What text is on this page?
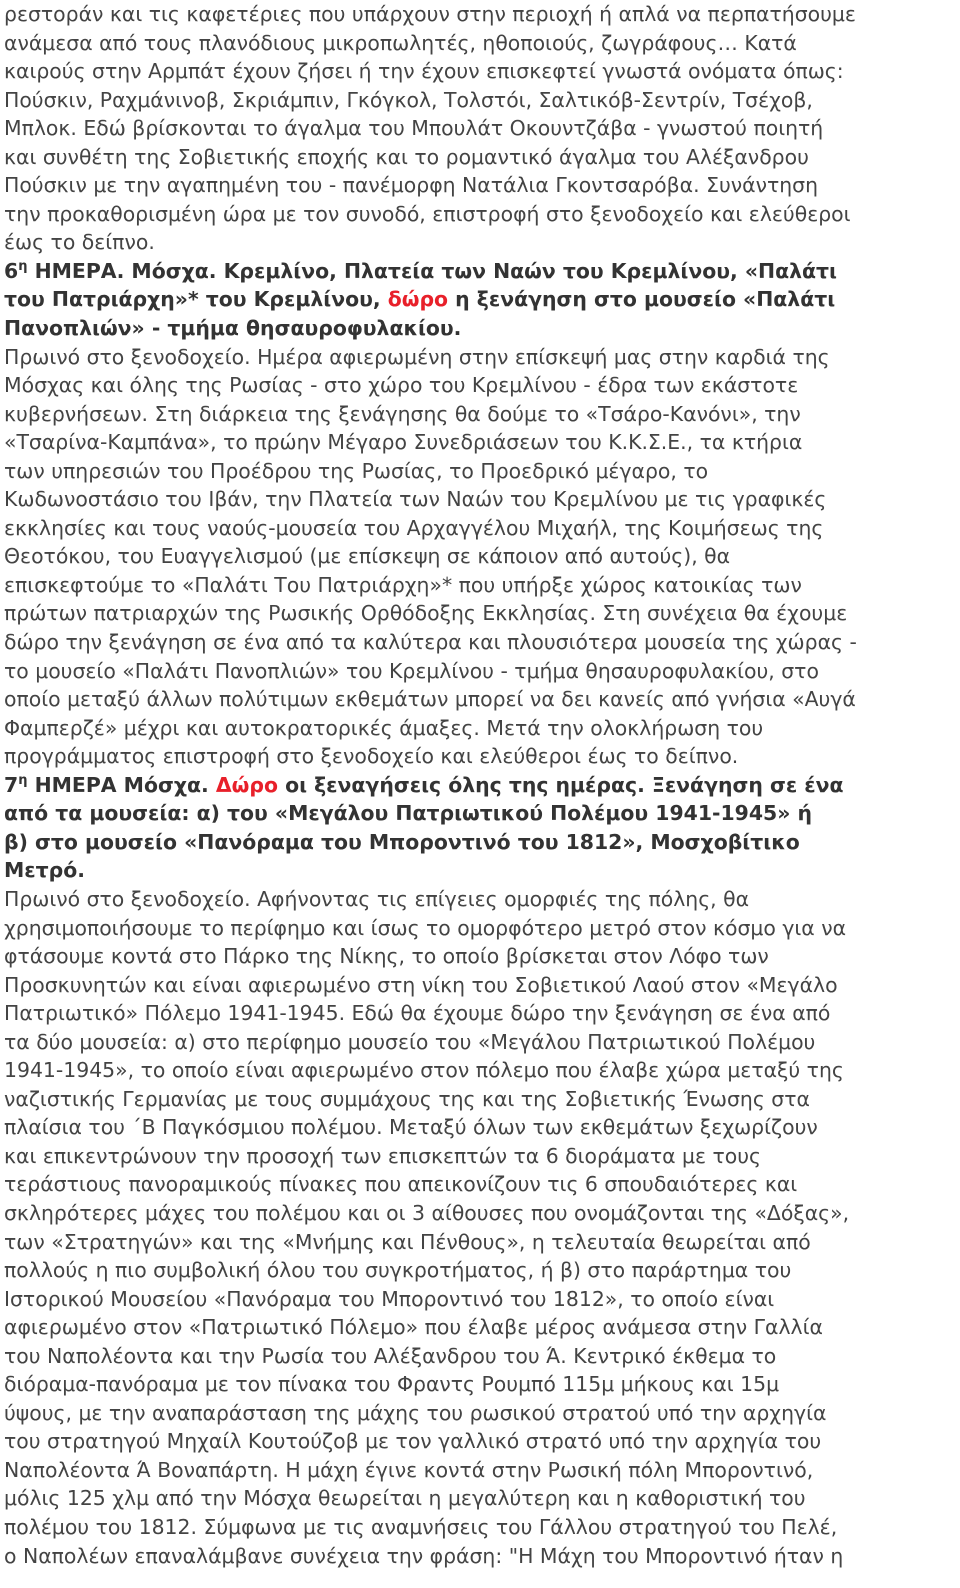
ρεστοράν και τις καφετέριες που υπάρχουν στην περιοχή ή απλά να περπατήσουμε

ανάμεσα από τους πλανόδιους μικροπωλητές, ηθοποιούς, ζωγράφους… Κατά

καιρούς στην Αρμπάτ έχουν ζήσει ή την έχουν επισκεφτεί γνωστά ονόματα όπως:

Πούσκιν, Ραχμάνινοβ, Σκριάμπιν, Γκόγκολ, Τολστόι, Σαλτικόβ-Σεντρίν, Τσέχοβ,

Μπλοκ. Εδώ βρίσκονται το άγαλμα του Μπουλάτ Οκουντζάβα - γνωστού ποιητή

και συνθέτη της Σοβιετικής εποχής και το ρομαντικό άγαλμα του Αλέξανδρου

Πούσκιν με την αγαπημένη του - πανέμορφη Νατάλια Γκοντσαρόβα. Συνάντηση

την προκαθορισμένη ώρα με τον συνοδό, επιστροφή στο ξενοδοχείο και ελεύθεροι

έως το δείπνο.

$6^\eta$ ΗΜΕΡΑ. Μόσχα. Κρεμλίνο, Πλατεία των Ναών του Κρεμλίνου, «Παλάτι

του Πατριάρχη»* του Κρεμλίνου, δώρο η ξενάγηση στο μουσείο «Παλάτι

Πανοπλιών» - τμήμα θησαυροφυλακίου.

Πρωινό στο ξενοδοχείο. Ημέρα αφιερωμένη στην επίσκεψή μας στην καρδιά της

Μόσχας και όλης της Ρωσίας - στο χώρο του Κρεμλίνου - έδρα των εκάστοτε

κυβερνήσεων. Στη διάρκεια της ξενάγησης θα δούμε το «Τσάρο-Κανόνι», την

«Τσαρίνα-Καμπάνα», το πρώην Μέγαρο Συνεδριάσεων του Κ.Κ.Σ.Ε., τα κτήρια

των υπηρεσιών του Προέδρου της Ρωσίας, το Προεδρικό μέγαρο, το

Κωδωνοστάσιο του Ιβάν, την Πλατεία των Ναών του Κρεμλίνου με τις γραφικές

εκκλησίες και τους ναούς-μουσεία του Αρχαγγέλου Μιχαήλ, της Κοιμήσεως της

Θεοτόκου, του Ευαγγελισμού (με επίσκεψη σε κάποιον από αυτούς), θα

επισκεφτούμε το «Παλάτι Του Πατριάρχη»* που υπήρξε χώρος κατοικίας των

πρώτων πατριαρχών της Ρωσικής Ορθόδοξης Εκκλησίας. Στη συνέχεια θα έχουμε

δώρο την ξενάγηση σε ένα από τα καλύτερα και πλουσιότερα μουσεία της χώρας -

το μουσείο «Παλάτι Πανοπλιών» του Κρεμλίνου - τμήμα θησαυροφυλακίου, στο

οποίο μεταξύ άλλων πολύτιμων εκθεμάτων μπορεί να δει κανείς από γνήσια «Αυγά

Φαμπερζέ» μέχρι και αυτοκρατορικές άμαξες. Μετά την ολοκλήρωση του

προγράμματος επιστροφή στο ξενοδοχείο και ελεύθεροι έως το δείπνο.

$7^\eta$ ΗΜΕΡΑ Μόσχα. Δώρο οι ξεναγήσεις όλης της ημέρας. Ξενάγηση σε ένα

από τα μουσεία: α) του «Μεγάλου Πατριωτικού Πολέμου 1941-1945» ή

β) στο μουσείο «Πανόραμα του Μποροντινό του 1812», Μοσχοβίτικο

Μετρό.

Πρωινό στο ξενοδοχείο. Αφήνοντας τις επίγειες ομορφιές της πόλης, θα

χρησιμοποιήσουμε το περίφημο και ίσως το ομορφότερο μετρό στον κόσμο για να

φτάσουμε κοντά στο Πάρκο της Νίκης, το οποίο βρίσκεται στον Λόφο των

Προσκυνητών και είναι αφιερωμένο στη νίκη του Σοβιετικού Λαού στον «Μεγάλο

Πατριωτικό» Πόλεμο 1941-1945. Εδώ θα έχουμε δώρο την ξενάγηση σε ένα από

τα δύο μουσεία: α) στο περίφημο μουσείο του «Μεγάλου Πατριωτικού Πολέμου

1941-1945», το οποίο είναι αφιερωμένο στον πόλεμο που έλαβε χώρα μεταξύ της

ναζιστικής Γερμανίας με τους συμμάχους της και της Σοβιετικής Ένωσης στα

πλαίσια του ΄Β Παγκόσμιου πολέμου. Μεταξύ όλων των εκθεμάτων ξεχωρίζουν

και επικεντρώνουν την προσοχή των επισκεπτών τα 6 διοράματα με τους

τεράστιους πανοραμικούς πίνακες που απεικονίζουν τις 6 σπουδαιότερες και

σκληρότερες μάχες του πολέμου και οι 3 αίθουσες που ονομάζονται της «Δόξας»,

των «Στρατηγών» και της «Μνήμης και Πένθους», η τελευταία θεωρείται από

πολλούς η πιο συμβολική όλου του συγκροτήματος, ή β) στο παράρτημα του

Ιστορικού Μουσείου «Πανόραμα του Μποροντινό του 1812», το οποίο είναι

αφιερωμένο στον «Πατριωτικό Πόλεμο» που έλαβε μέρος ανάμεσα στην Γαλλία

του Ναπολέοντα και την Ρωσία του Αλέξανδρου του Ά. Κεντρικό έκθεμα το

διόραμα-πανόραμα με τον πίνακα του Φραντς Ρουμπό 115μ μήκους και 15μ

ύψους, με την αναπαράσταση της μάχης του ρωσικού στρατού υπό την αρχηγία

του στρατηγού Μηχαίλ Κουτούζοβ με τον γαλλικό στρατό υπό την αρχηγία του

Ναπολέοντα Ά Βοναπάρτη. Η μάχη έγινε κοντά στην Ρωσική πόλη Μποροντινό,

μόλις 125 χλμ από την Μόσχα θεωρείται η μεγαλύτερη και η καθοριστική του

πολέμου του 1812. Σύμφωνα με τις αναμνήσεις του Γάλλου στρατηγού του Πελέ,

ο Ναπολέων επαναλάμβανε συνέχεια την φράση: "Η Μάχη του Μποροντινό ήταν η
